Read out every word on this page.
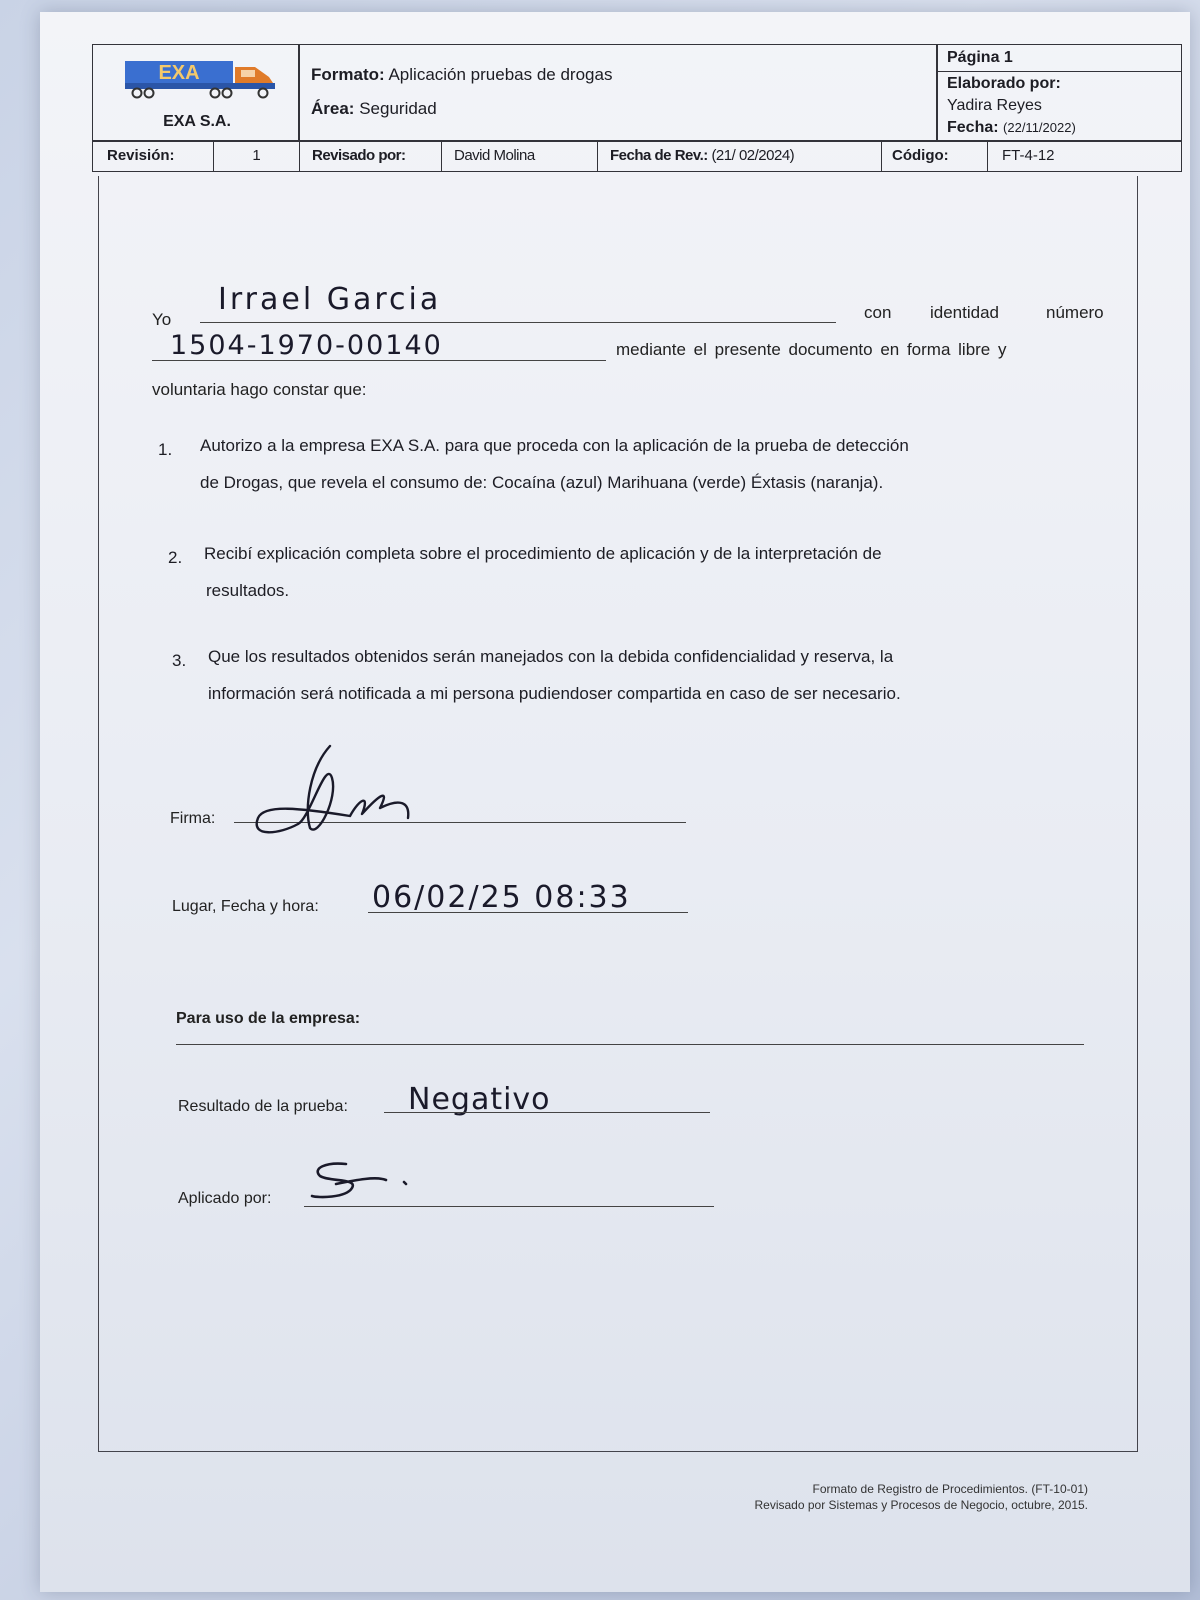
EXA
EXA S.A.
Formato: Aplicación pruebas de drogas
Área: Seguridad
Página 1
Elaborado por:
Yadira Reyes
Fecha: (22/11/2022)
Revisión:	1	Revisado por:	David Molina	Fecha de Rev.: (21/ 02/2024)	Código:	FT-4-12
Yo
Irrael Garcia	con identidad	número
1504-1970-00140	mediante el presente documento en forma libre y
voluntaria hago constar que:
1. Autorizo a la empresa EXA S.A. para que proceda con la aplicación de la prueba de detección
de Drogas, que revela el consumo de: Cocaína (azul) Marihuana (verde) Éxtasis (naranja).
2. Recibí explicación completa sobre el procedimiento de aplicación y de la interpretación de
resultados.
3. Que los resultados obtenidos serán manejados con la debida confidencialidad y reserva, la
información será notificada a mi persona pudiendoser compartida en caso de ser necesario.
Firma:
Lugar, Fecha y hora: 06/02/25 08:33
Para uso de la empresa:
Resultado de la prueba: Negativo
Aplicado por:
Formato de Registro de Procedimientos. (FT-10-01)
Revisado por Sistemas y Procesos de Negocio, octubre, 2015.
